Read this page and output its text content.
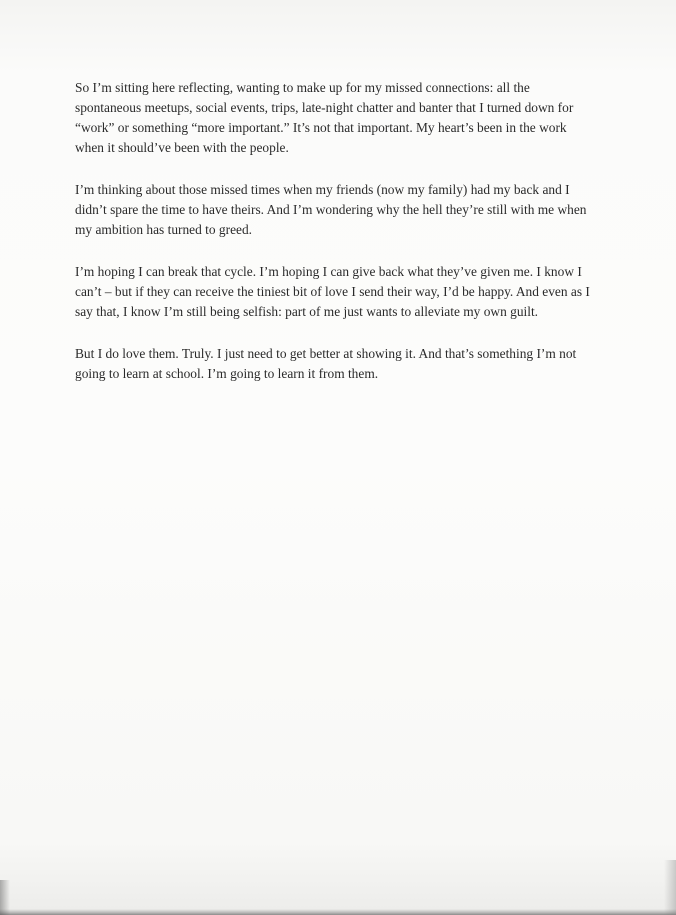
So I’m sitting here reflecting, wanting to make up for my missed connections: all the
spontaneous meetups, social events, trips, late-night chatter and banter that I turned down for
“work” or something “more important.” It’s not that important. My heart’s been in the work
when it should’ve been with the people.

I’m thinking about those missed times when my friends (now my family) had my back and I
didn’t spare the time to have theirs. And I’m wondering why the hell they’re still with me when
my ambition has turned to greed.

I’m hoping I can break that cycle. I’m hoping I can give back what they’ve given me. I know I
can’t – but if they can receive the tiniest bit of love I send their way, I’d be happy. And even as I
say that, I know I’m still being selfish: part of me just wants to alleviate my own guilt.

But I do love them. Truly. I just need to get better at showing it. And that’s something I’m not
going to learn at school. I’m going to learn it from them.
